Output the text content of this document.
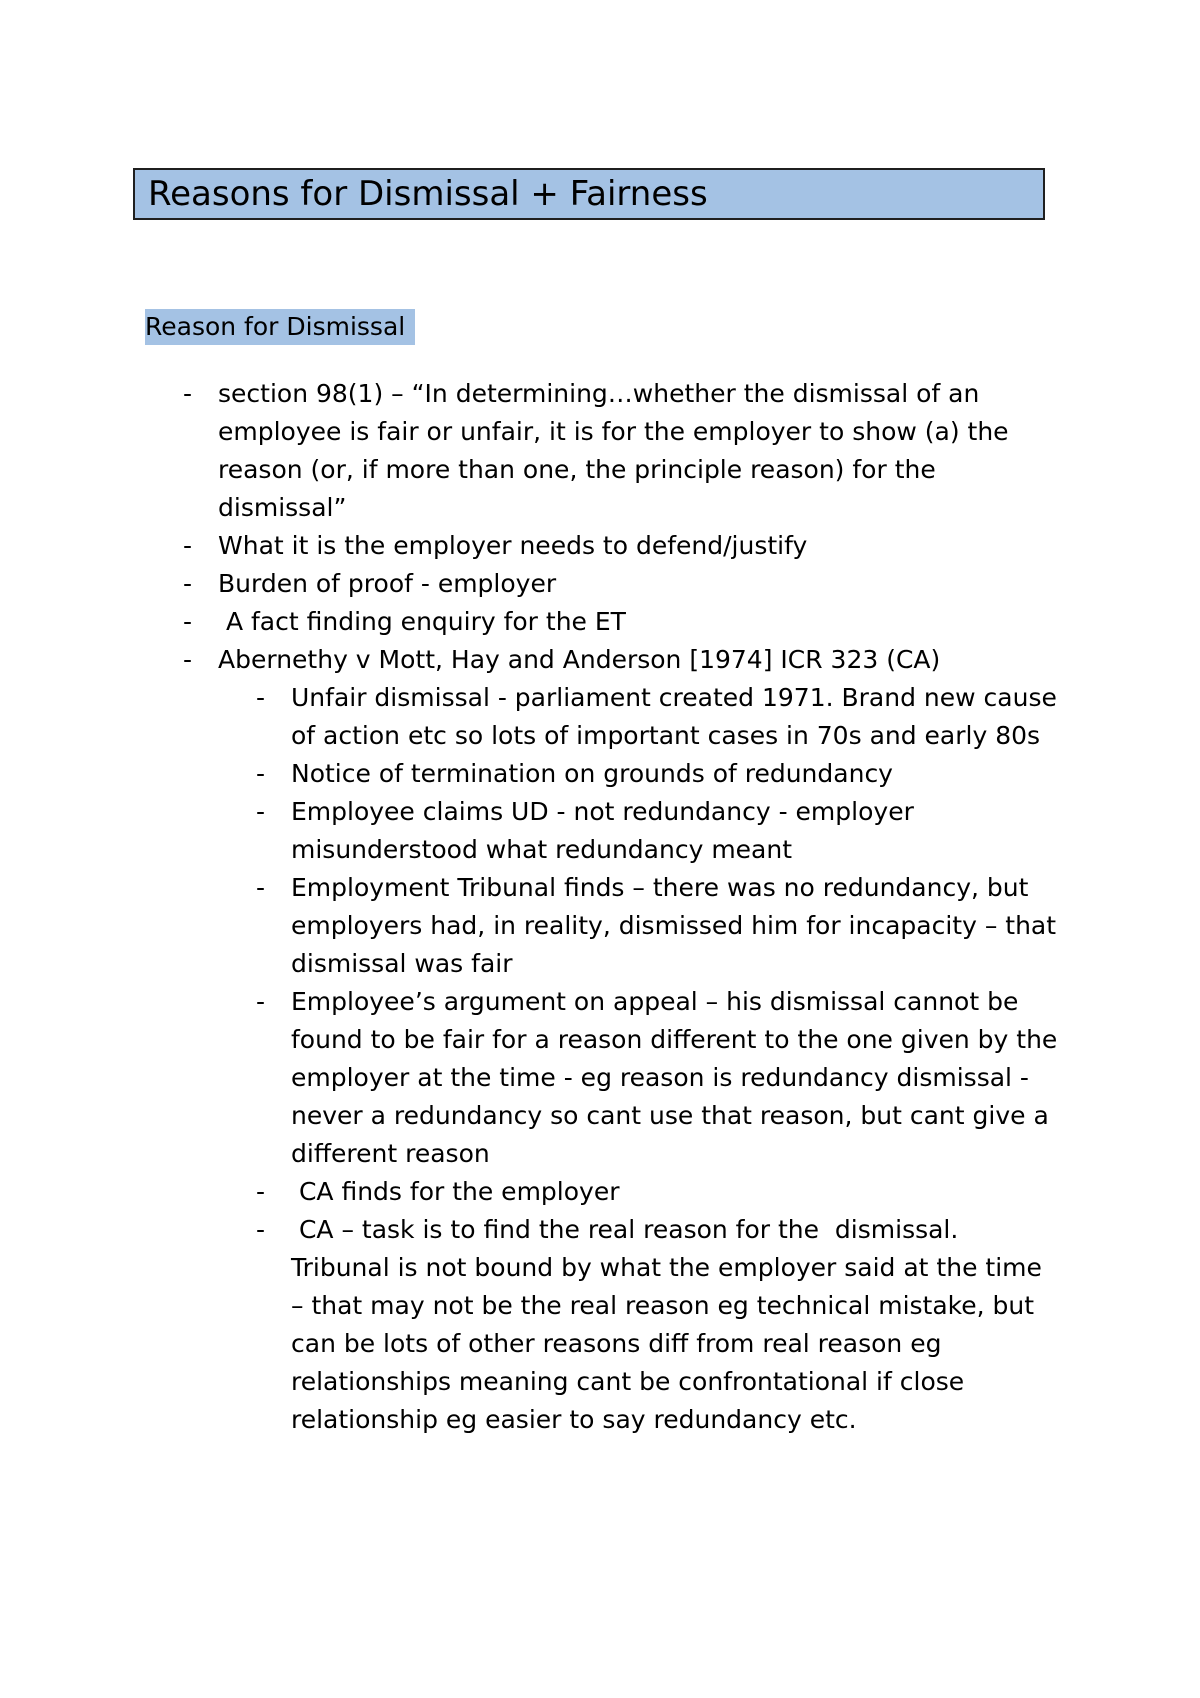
Reasons for Dismissal + Fairness
Reason for Dismissal
- section 98(1) – “In determining…whether the dismissal of an employee is fair or unfair, it is for the employer to show (a) the reason (or, if more than one, the principle reason) for the dismissal”
- What it is the employer needs to defend/justify
- Burden of proof - employer
- A fact finding enquiry for the ET
- Abernethy v Mott, Hay and Anderson [1974] ICR 323 (CA)
- Unfair dismissal - parliament created 1971. Brand new cause of action etc so lots of important cases in 70s and early 80s
- Notice of termination on grounds of redundancy
- Employee claims UD - not redundancy - employer misunderstood what redundancy meant
- Employment Tribunal finds – there was no redundancy, but employers had, in reality, dismissed him for incapacity – that dismissal was fair
- Employee’s argument on appeal – his dismissal cannot be found to be fair for a reason different to the one given by the employer at the time - eg reason is redundancy dismissal - never a redundancy so cant use that reason, but cant give a different reason
- CA finds for the employer
- CA – task is to find the real reason for the  dismissal. Tribunal is not bound by what the employer said at the time – that may not be the real reason eg technical mistake, but can be lots of other reasons diff from real reason eg relationships meaning cant be confrontational if close relationship eg easier to say redundancy etc.
